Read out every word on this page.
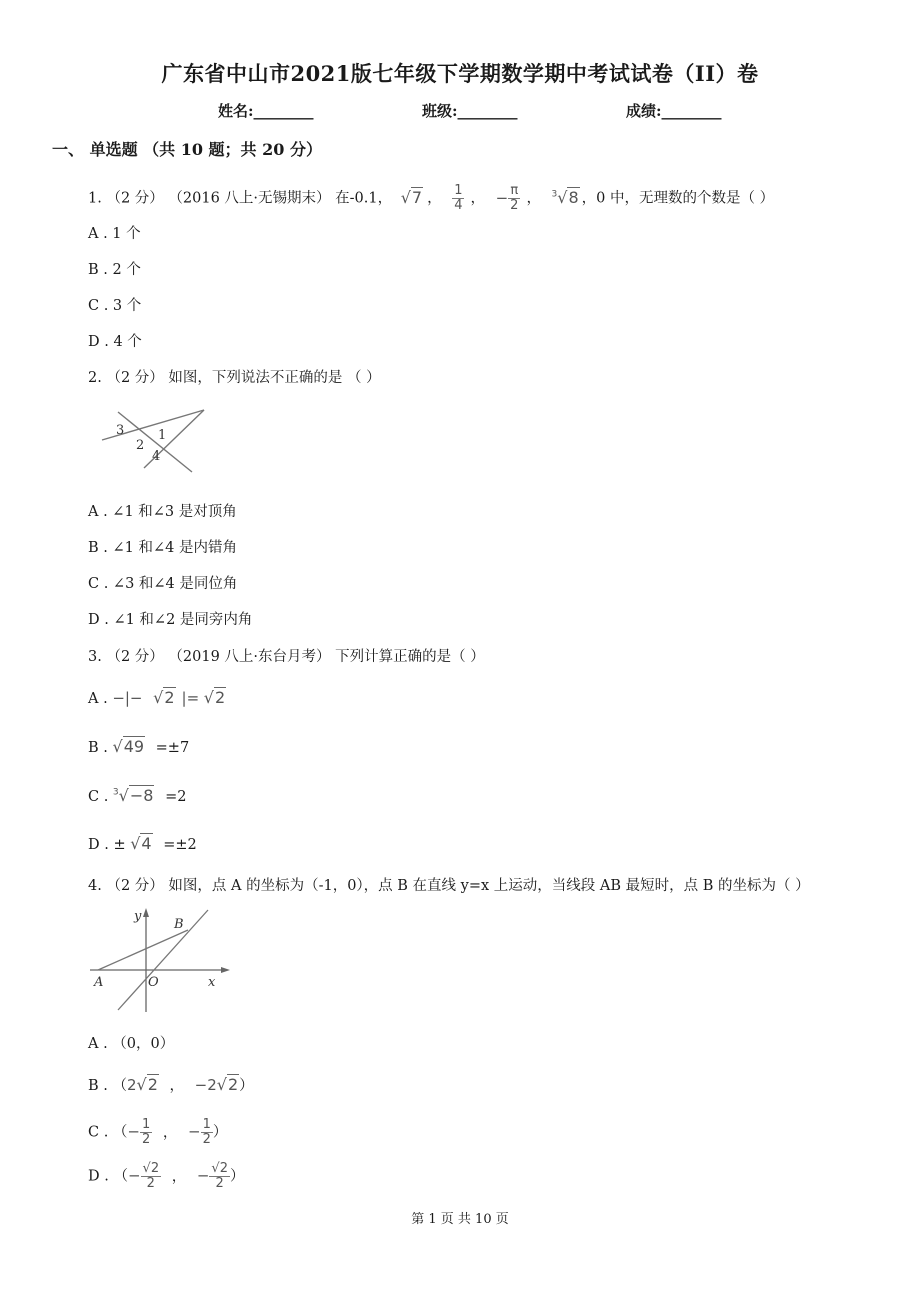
广东省中山市2021版七年级下学期数学期中考试试卷（II）卷
姓名:________	班级:________	成绩:________
一、 单选题 （共 10 题；共 20 分）
1. （2 分） （2016 八上·无锡期末） 在-0.1， √7 ， $\frac{1}{4}$ ， − $\frac{\pi}{2}$ ， $^3$√8 ，0 中，无理数的个数是（ ）
A . 1 个
B . 2 个
C . 3 个
D . 4 个
2. （2 分） 如图，下列说法不正确的是 （ ）
3
2
1
4
A . ∠1 和∠3 是对顶角
B . ∠1 和∠4 是内错角
C . ∠3 和∠4 是同位角
D . ∠1 和∠2 是同旁内角
3. （2 分） （2019 八上·东台月考） 下列计算正确的是（ ）
A . −|− √2 |= √2
B . √49 =±7
C . $^3$√−8 =2
D . ± √4 =±2
4. （2 分） 如图，点 A 的坐标为（-1，0），点 B 在直线 y=x 上运动，当线段 AB 最短时，点 B 的坐标为（ ）
y
x
O
A
B
A . （0，0）
B . （2√2 ， −2√2）
C . （− $\frac{1}{2}$ ， − $\frac{1}{2}$ ）
D . （− $\frac{√2}{2}$ ， − $\frac{√2}{2}$ ）
第 1 页 共 10 页
